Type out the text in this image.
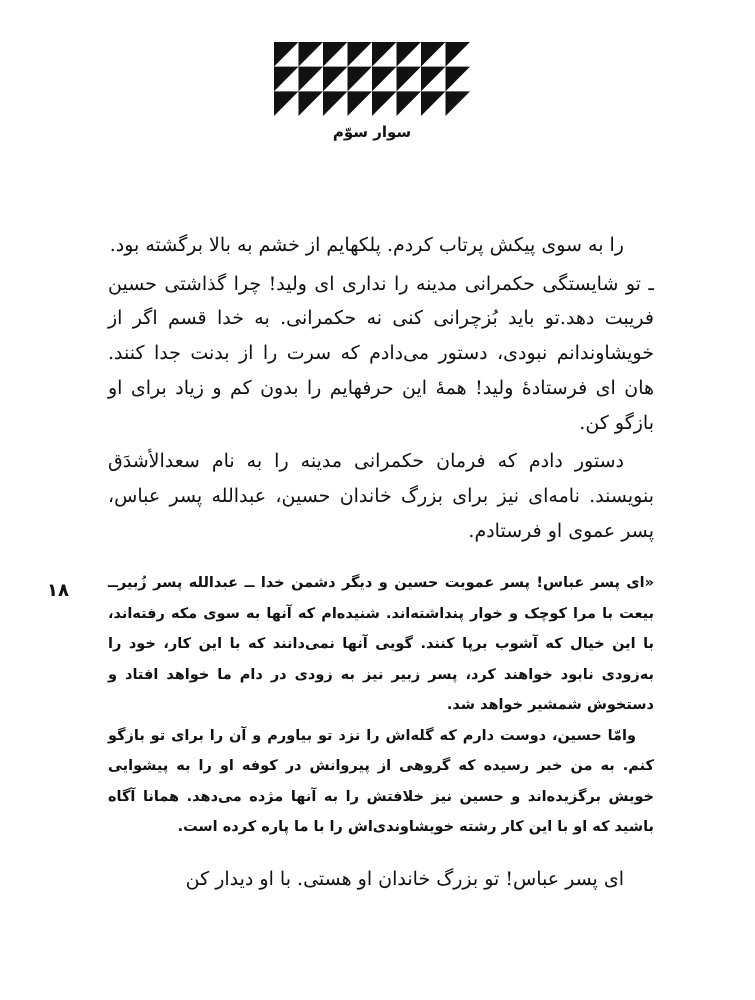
سوار سوّم

را به سوی پیکش پرتاب کردم. پلکهایم از خشم به بالا برگشته بود.

ـ تو شایستگی حکمرانی مدینه را نداری ای ولید! چرا گذاشتی حسین فریبت دهد.تو باید بُزچرانی کنی نه حکمرانی. به خدا قسم اگر از خویشاوندانم نبودی، دستور می‌دادم که سرت را از بدنت جدا کنند. هان ای فرستادهٔ ولید! همهٔ این حرفهایم را بدون کم و زیاد برای او بازگو کن.

دستور دادم که فرمان حکمرانی مدینه را به نام سعدالأشدَق بنویسند. نامه‌ای نیز برای بزرگ خاندان حسین، عبدالله پسر عباس، پسر عموی او فرستادم.

۱۸	«ای پسر عباس! پسر عموبت حسین و دیگر دشمن خدا ــ عبدالله پسر زُبیرــ بیعت با مرا کوچک و خوار پنداشته‌اند. شنیده‌ام که آنها به سوی مکه رفته‌اند، با این خیال که آشوب برپا کنند. گویی آنها نمی‌دانند که با این کار، خود را به‌زودی نابود خواهند کرد، پسر زبیر نیز به زودی در دام ما خواهد افتاد و دستخوش شمشیر خواهد شد.

وامّا حسین، دوست دارم که گله‌اش را نزد تو بیاورم و آن را برای تو بازگو کنم. به من خبر رسیده که گروهی از پیروانش در کوفه او را به پیشوایی خویش برگزیده‌اند و حسین نیز خلافتش را به آنها مژده می‌دهد. همانا آگاه باشید که او با این کار رشته خویشاوندی‌اش را با ما پاره کرده است.

ای پسر عباس! تو بزرگ خاندان او هستی. با او دیدار کن
